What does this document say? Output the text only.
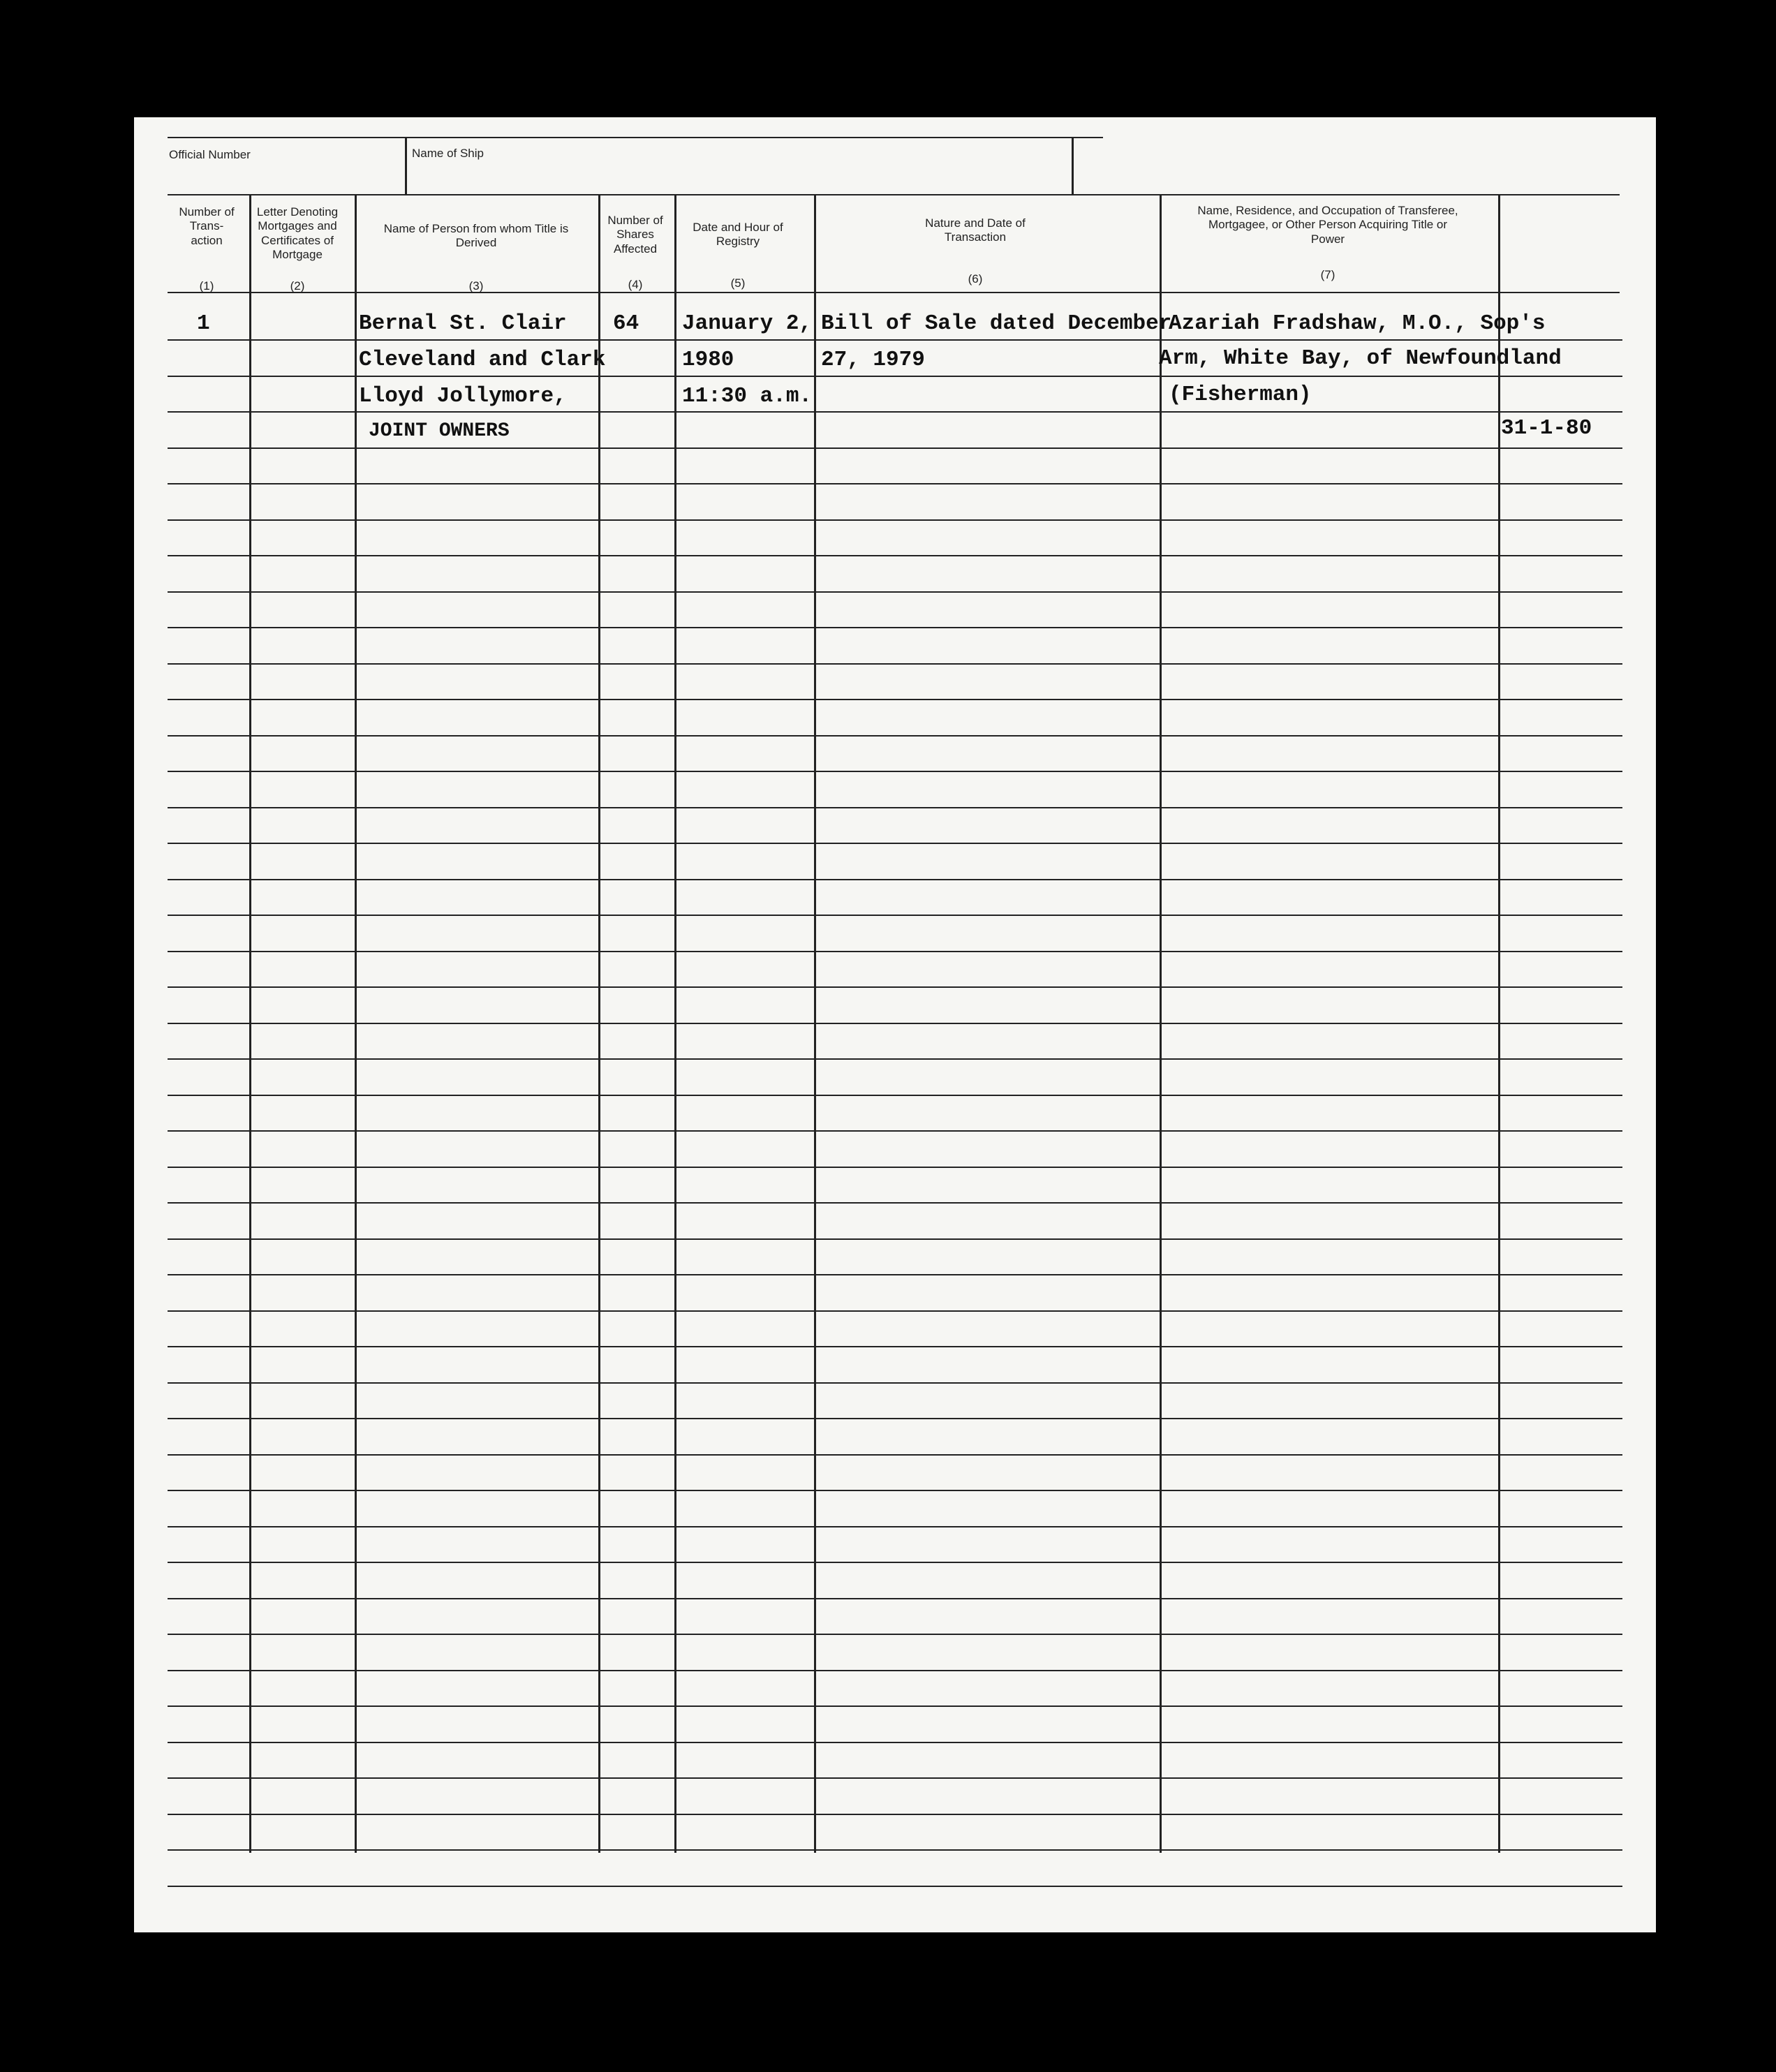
Official Number	Name of Ship
Number of Trans- action
(1)
Letter Denoting Mortgages and Certificates of Mortgage
(2)
Name of Person from whom Title is Derived
(3)
Number of Shares Affected
(4)
Date and Hour of Registry
(5)
Nature and Date of Transaction
(6)
Name, Residence, and Occupation of Transferee, Mortgagee, or Other Person Acquiring Title or Power
(7)
1	Bernal St. Clair
Cleveland and Clark
Lloyd Jollymore,
JOINT OWNERS
64 January 2,
1980
11:30 a.m.
Bill of Sale dated December
27, 1979
Azariah Fradshaw, M.O., Sop's
Arm, White Bay, of Newfoundland
(Fisherman)
31-1-80
